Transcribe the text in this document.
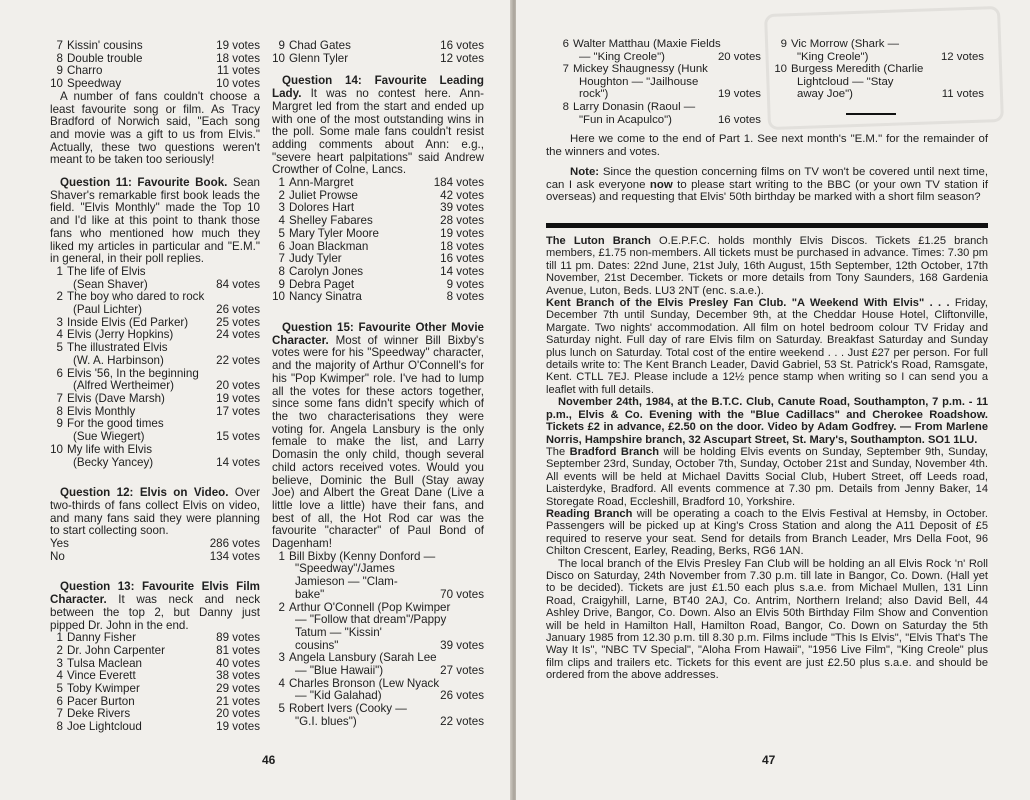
7 Kissin' cousins	19 votes
8 Double trouble	18 votes
9 Charro	11 votes
10 Speedway	10 votes

A number of fans couldn't choose a least favourite song or film. As Tracy Bradford of Norwich said, "Each song and movie was a gift to us from Elvis." Actually, these two questions weren't meant to be taken too seriously!

Question 11: Favourite Book. Sean Shaver's remarkable first book leads the field. "Elvis Monthly" made the Top 10 and I'd like at this point to thank those fans who mentioned how much they liked my articles in particular and "E.M." in general, in their poll replies.

1 The life of Elvis
(Sean Shaver)	84 votes
2 The boy who dared to rock
(Paul Lichter)	26 votes
3 Inside Elvis (Ed Parker) 25 votes
4 Elvis (Jerry Hopkins)	24 votes
5 The illustrated Elvis
(W. A. Harbinson)	22 votes
6 Elvis '56, In the beginning
(Alfred Wertheimer)	20 votes
7 Elvis (Dave Marsh)	19 votes
8 Elvis Monthly	17 votes
9 For the good times
(Sue Wiegert)	15 votes
10 My life with Elvis
(Becky Yancey)	14 votes

Question 12: Elvis on Video. Over two-thirds of fans collect Elvis on video, and many fans said they were planning to start collecting soon.

Yes	286 votes
No	134 votes

Question 13: Favourite Elvis Film Character. It was neck and neck between the top 2, but Danny just pipped Dr. John in the end.

1 Danny Fisher	89 votes
2 Dr. John Carpenter	81 votes
3 Tulsa Maclean	40 votes
4 Vince Everett	38 votes
5 Toby Kwimper	29 votes
6 Pacer Burton	21 votes
7 Deke Rivers	20 votes
8 Joe Lightcloud	19 votes
9 Chad Gates	16 votes
10 Glenn Tyler	12 votes

Question 14: Favourite Leading Lady. It was no contest here. Ann-Margret led from the start and ended up with one of the most outstanding wins in the poll. Some male fans couldn't resist adding comments about Ann: e.g., "severe heart palpitations" said Andrew Crowther of Colne, Lancs.

1 Ann-Margret	184 votes
2 Juliet Prowse	42 votes
3 Dolores Hart	39 votes
4 Shelley Fabares	28 votes
5 Mary Tyler Moore	19 votes
6 Joan Blackman	18 votes
7 Judy Tyler	16 votes
8 Carolyn Jones	14 votes
9 Debra Paget	9 votes
10 Nancy Sinatra	8 votes

Question 15: Favourite Other Movie Character. Most of winner Bill Bixby's votes were for his "Speedway" character, and the majority of Arthur O'Connell's for his "Pop Kwimper" role. I've had to lump all the votes for these actors together, since some fans didn't specify which of the two characterisations they were voting for. Angela Lansbury is the only female to make the list, and Larry Domasin the only child, though several child actors received votes. Would you believe, Dominic the Bull (Stay away Joe) and Albert the Great Dane (Live a little love a little) have their fans, and best of all, the Hot Rod car was the favourite "character" of Paul Bond of Dagenham!

1 Bill Bixby (Kenny Donford —
"Speedway"/James
Jamieson — "Clam-
bake"	70 votes
2 Arthur O'Connell (Pop Kwimper
— "Follow that dream"/Pappy
Tatum — "Kissin'
cousins"	39 votes
3 Angela Lansbury (Sarah Lee
— "Blue Hawaii")	27 votes
4 Charles Bronson (Lew Nyack
— "Kid Galahad)	26 votes
5 Robert Ivers (Cooky —
"G.I. blues")	22 votes
46
6 Walter Matthau (Maxie Fields
— "King Creole")	20 votes
7 Mickey Shaugnessy (Hunk
Houghton — "Jailhouse
rock")	19 votes
8 Larry Donasin (Raoul —
"Fun in Acapulco")	16 votes
9 Vic Morrow (Shark —
"King Creole")	12 votes
10 Burgess Meredith (Charlie
Lightcloud — "Stay
away Joe")	11 votes

Here we come to the end of Part 1. See next month's "E.M." for the remainder of the winners and votes.

Note: Since the question concerning films on TV won't be covered until next time, can I ask everyone now to please start writing to the BBC (or your own TV station if overseas) and requesting that Elvis' 50th birthday be marked with a short film season?

The Luton Branch O.E.P.F.C. holds monthly Elvis Discos. Tickets £1.25 branch members, £1.75 non-members. All tickets must be purchased in advance. Times: 7.30 pm till 11 pm. Dates: 22nd June, 21st July, 16th August, 15th September, 12th October, 17th November, 21st December. Tickets or more details from Tony Saunders, 168 Gardenia Avenue, Luton, Beds. LU3 2NT (enc. s.a.e.).

Kent Branch of the Elvis Presley Fan Club. "A Weekend With Elvis" . . . Friday, December 7th until Sunday, December 9th, at the Cheddar House Hotel, Cliftonville, Margate. Two nights' accommodation. All film on hotel bedroom colour TV Friday and Saturday night. Full day of rare Elvis film on Saturday. Breakfast Saturday and Sunday plus lunch on Saturday. Total cost of the entire weekend . . . Just £27 per person. For full details write to: The Kent Branch Leader, David Gabriel, 53 St. Patrick's Road, Ramsgate, Kent. CTLL 7EJ. Please include a 12½ pence stamp when writing so I can send you a leaflet with full details.

November 24th, 1984, at the B.T.C. Club, Canute Road, Southampton, 7 p.m. - 11 p.m., Elvis & Co. Evening with the "Blue Cadillacs" and Cherokee Roadshow. Tickets £2 in advance, £2.50 on the door. Video by Adam Godfrey. — From Marlene Norris, Hampshire branch, 32 Ascupart Street, St. Mary's, Southampton. SO1 1LU.

The Bradford Branch will be holding Elvis events on Sunday, September 9th, Sunday, September 23rd, Sunday, October 7th, Sunday, October 21st and Sunday, November 4th. All events will be held at Michael Davitts Social Club, Hubert Street, off Leeds road, Laisterdyke, Bradford. All events commence at 7.30 pm. Details from Jenny Baker, 14 Storegate Road, Eccleshill, Bradford 10, Yorkshire.

Reading Branch will be operating a coach to the Elvis Festival at Hemsby, in October. Passengers will be picked up at King's Cross Station and along the A11 Deposit of £5 required to reserve your seat. Send for details from Branch Leader, Mrs Della Foot, 96 Chilton Crescent, Earley, Reading, Berks, RG6 1AN.

The local branch of the Elvis Presley Fan Club will be holding an all Elvis Rock 'n' Roll Disco on Saturday, 24th November from 7.30 p.m. till late in Bangor, Co. Down. (Hall yet to be decided). Tickets are just £1.50 each plus s.a.e. from Michael Mullen, 131 Linn Road, Craigyhill, Larne, BT40 2AJ, Co. Antrim, Northern Ireland; also David Bell, 44 Ashley Drive, Bangor, Co. Down. Also an Elvis 50th Birthday Film Show and Convention will be held in Hamilton Hall, Hamilton Road, Bangor, Co. Down on Saturday the 5th January 1985 from 12.30 p.m. till 8.30 p.m. Films include "This Is Elvis", "Elvis That's The Way It Is", "NBC TV Special", "Aloha From Hawaii", "1956 Live Film", "King Creole" plus film clips and trailers etc. Tickets for this event are just £2.50 plus s.a.e. and should be ordered from the above addresses.

47
